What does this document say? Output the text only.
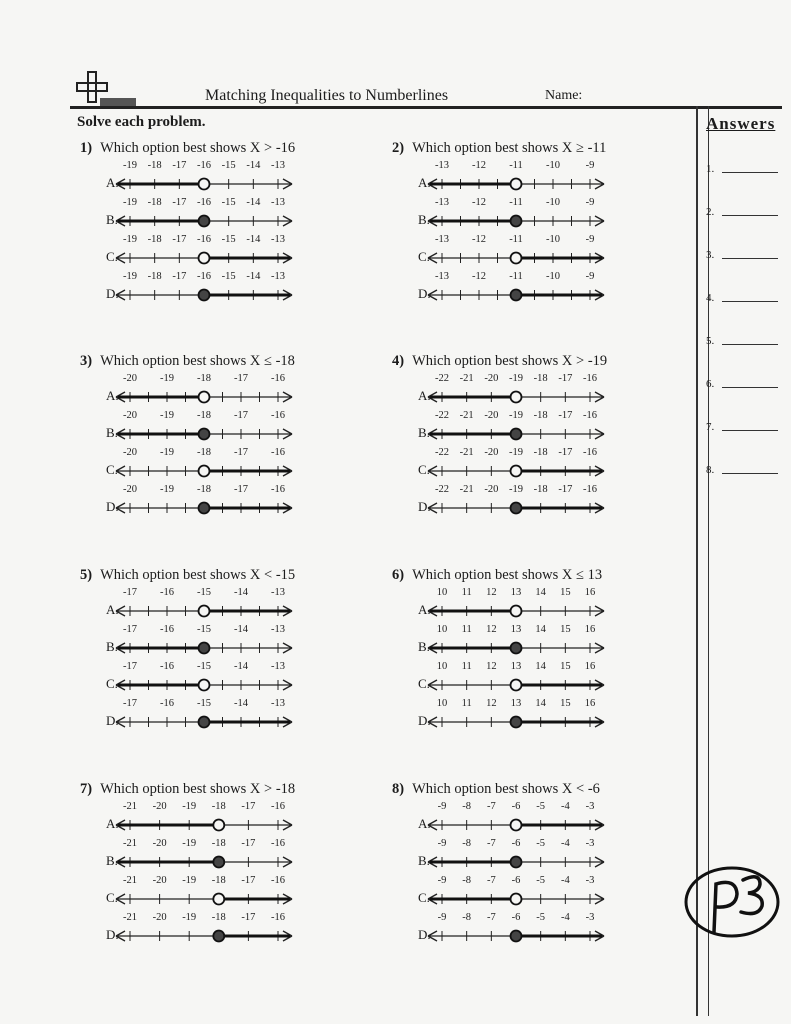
Matching Inequalities to Numberlines	Name:
Solve each problem.	Answers
1.
2.
3.
4.
5.
6.
7.
8.
1) Which option best shows X > -16
A.
-19 -18 -17 -16 -15 -14 -13
B.
-19 -18 -17 -16 -15 -14 -13
C.
-19 -18 -17 -16 -15 -14 -13
D.
-19 -18 -17 -16 -15 -14 -13
2) Which option best shows X ≥ -11
A.
-13 -12 -11 -10 -9
B.
-13 -12 -11 -10 -9
C.
-13 -12 -11 -10 -9
D.
-13 -12 -11 -10 -9
3) Which option best shows X ≤ -18
A.
-20 -19 -18 -17 -16
B.
-20 -19 -18 -17 -16
C.
-20 -19 -18 -17 -16
D.
-20 -19 -18 -17 -16
4) Which option best shows X > -19
A.
-22 -21 -20 -19 -18 -17 -16
B.
-22 -21 -20 -19 -18 -17 -16
C.
-22 -21 -20 -19 -18 -17 -16
D.
-22 -21 -20 -19 -18 -17 -16
5) Which option best shows X < -15
A.
-17 -16 -15 -14 -13
B.
-17 -16 -15 -14 -13
C.
-17 -16 -15 -14 -13
D.
-17 -16 -15 -14 -13
6) Which option best shows X ≤ 13
A.
10 11 12 13 14 15 16
B.
10 11 12 13 14 15 16
C.
10 11 12 13 14 15 16
D.
10 11 12 13 14 15 16
7) Which option best shows X > -18
A.
-21 -20 -19 -18 -17 -16
B.
-21 -20 -19 -18 -17 -16
C.
-21 -20 -19 -18 -17 -16
D.
-21 -20 -19 -18 -17 -16
8) Which option best shows X < -6
A.
-9 -8 -7 -6 -5 -4 -3
B.
-9 -8 -7 -6 -5 -4 -3
C.
-9 -8 -7 -6 -5 -4 -3
D.
-9 -8 -7 -6 -5 -4 -3
